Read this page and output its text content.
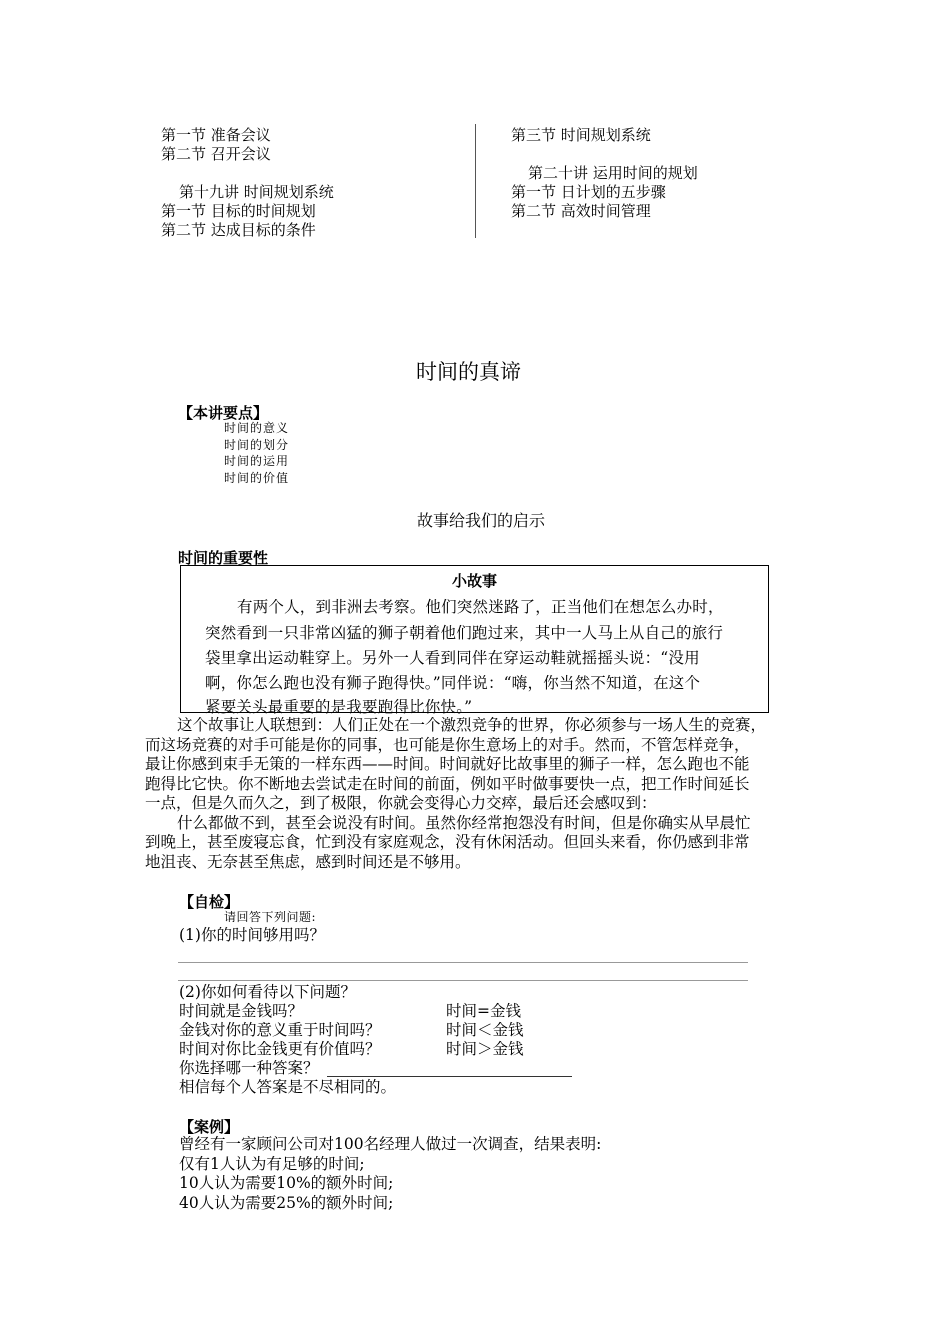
第一节 准备会议
第二节 召开会议
第十九讲 时间规划系统
第一节 目标的时间规划
第二节 达成目标的条件
第三节 时间规划系统
第二十讲 运用时间的规划
第一节 日计划的五步骤
第二节 高效时间管理
时间的真谛
【本讲要点】
时间的意义
时间的划分
时间的运用
时间的价值
故事给我们的启示
时间的重要性
小故事
有两个人，到非洲去考察。他们突然迷路了，正当他们在想怎么办时，
突然看到一只非常凶猛的狮子朝着他们跑过来，其中一人马上从自己的旅行
袋里拿出运动鞋穿上。另外一人看到同伴在穿运动鞋就摇摇头说：“没用
啊，你怎么跑也没有狮子跑得快。”同伴说：“嗨，你当然不知道，在这个
紧要关头最重要的是我要跑得比你快。”
这个故事让人联想到：人们正处在一个激烈竞争的世界，你必须参与一场人生的竞赛，
而这场竞赛的对手可能是你的同事，也可能是你生意场上的对手。然而，不管怎样竞争，
最让你感到束手无策的一样东西——时间。时间就好比故事里的狮子一样，怎么跑也不能
跑得比它快。你不断地去尝试走在时间的前面，例如平时做事要快一点，把工作时间延长
一点，但是久而久之，到了极限，你就会变得心力交瘁，最后还会感叹到：
什么都做不到，甚至会说没有时间。虽然你经常抱怨没有时间，但是你确实从早晨忙
到晚上，甚至废寝忘食，忙到没有家庭观念，没有休闲活动。但回头来看，你仍感到非常
地沮丧、无奈甚至焦虑，感到时间还是不够用。
【自检】
请回答下列问题:
(1)你的时间够用吗？
(2)你如何看待以下问题？
时间就是金钱吗？	时间=金钱
金钱对你的意义重于时间吗？	时间＜金钱
时间对你比金钱更有价值吗？	时间＞金钱
你选择哪一种答案？
相信每个人答案是不尽相同的。
【案例】
曾经有一家顾问公司对100名经理人做过一次调查，结果表明:
仅有1人认为有足够的时间;
10人认为需要10%的额外时间;
40人认为需要25%的额外时间;
